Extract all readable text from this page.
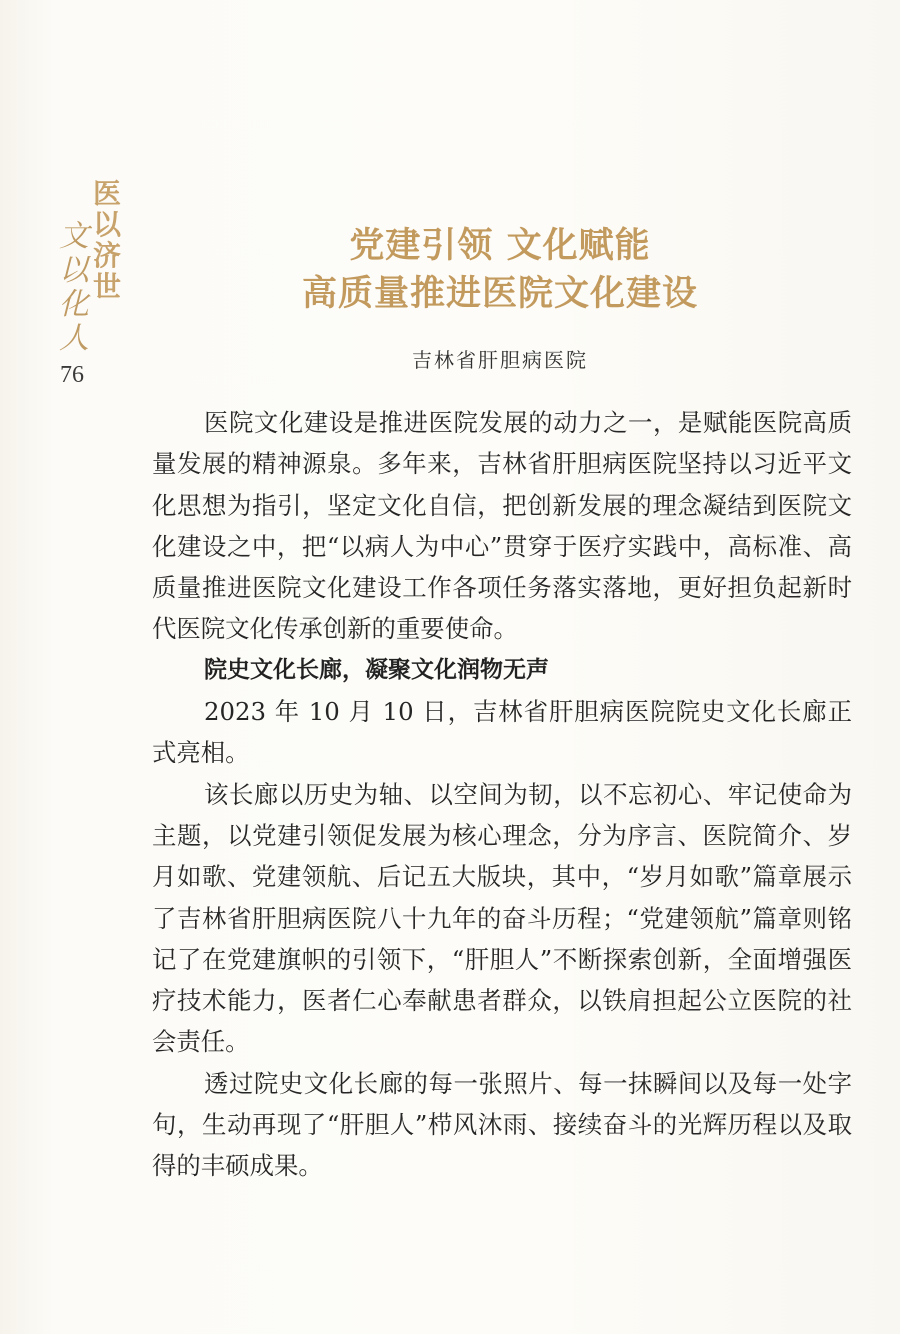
医
以
济
世
文
以
化
人
76
党建引领 文化赋能
高质量推进医院文化建设
吉林省肝胆病医院

医院文化建设是推进医院发展的动力之一，是赋能医院高质量发展的精神源泉。多年来，吉林省肝胆病医院坚持以习近平文化思想为指引，坚定文化自信，把创新发展的理念凝结到医院文化建设之中，把“以病人为中心”贯穿于医疗实践中，高标准、高质量推进医院文化建设工作各项任务落实落地，更好担负起新时代医院文化传承创新的重要使命。

院史文化长廊，凝聚文化润物无声

2023 年 10 月 10 日，吉林省肝胆病医院院史文化长廊正式亮相。

该长廊以历史为轴、以空间为韧，以不忘初心、牢记使命为主题，以党建引领促发展为核心理念，分为序言、医院简介、岁月如歌、党建领航、后记五大版块，其中，“岁月如歌”篇章展示了吉林省肝胆病医院八十九年的奋斗历程；“党建领航”篇章则铭记了在党建旗帜的引领下，“肝胆人”不断探索创新，全面增强医疗技术能力，医者仁心奉献患者群众，以铁肩担起公立医院的社会责任。

透过院史文化长廊的每一张照片、每一抹瞬间以及每一处字句，生动再现了“肝胆人”栉风沐雨、接续奋斗的光辉历程以及取得的丰硕成果。
